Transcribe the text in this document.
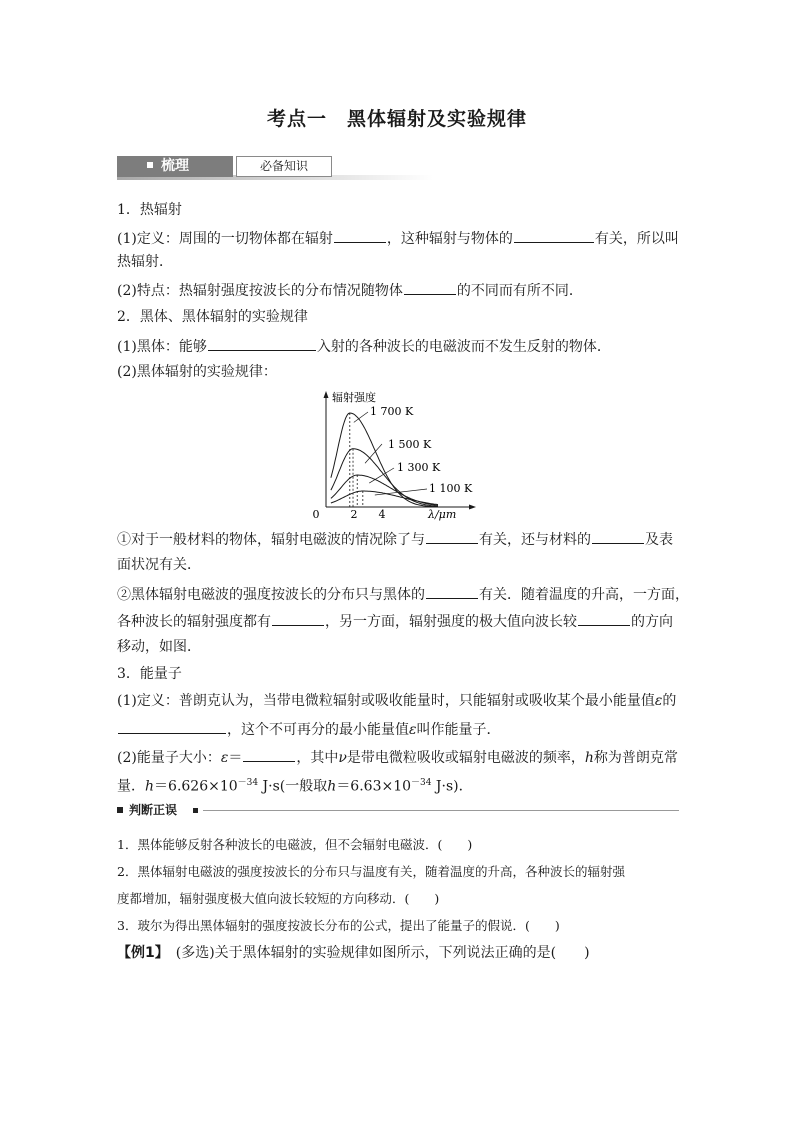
考点一　黑体辐射及实验规律
梳理	必备知识
1．热辐射
(1)定义：周围的一切物体都在辐射	，这种辐射与物体的	有关，所以叫
热辐射．
(2)特点：热辐射强度按波长的分布情况随物体	的不同而有所不同．
2．黑体、黑体辐射的实验规律
(1)黑体：能够	入射的各种波长的电磁波而不发生反射的物体．
(2)黑体辐射的实验规律：
辐射强度
λ/μm
0	2 4
1 700 K
1 500 K
1 300 K
1 100 K
①对于一般材料的物体，辐射电磁波的情况除了与	有关，还与材料的	及表
面状况有关．
②黑体辐射电磁波的强度按波长的分布只与黑体的	有关．随着温度的升高，一方面，
各种波长的辐射强度都有	，另一方面，辐射强度的极大值向波长较	的方向
移动，如图．
3．能量子
(1)定义：普朗克认为，当带电微粒辐射或吸收能量时，只能辐射或吸收某个最小能量值ε的
，这个不可再分的最小能量值ε叫作能量子．
(2)能量子大小：ε＝	，其中ν是带电微粒吸收或辐射电磁波的频率，h称为普朗克常
量．$h=6.626\times 10^{-34}$ J·s(一般取$h=6.63\times 10^{-34}$ J·s)．
判断正误
1．黑体能够反射各种波长的电磁波，但不会辐射电磁波．(　　)
2．黑体辐射电磁波的强度按波长的分布只与温度有关，随着温度的升高，各种波长的辐射强
度都增加，辐射强度极大值向波长较短的方向移动．(　　)
3．玻尔为得出黑体辐射的强度按波长分布的公式，提出了能量子的假说．(　　)
【例1】　(多选)关于黑体辐射的实验规律如图所示，下列说法正确的是(　　)
